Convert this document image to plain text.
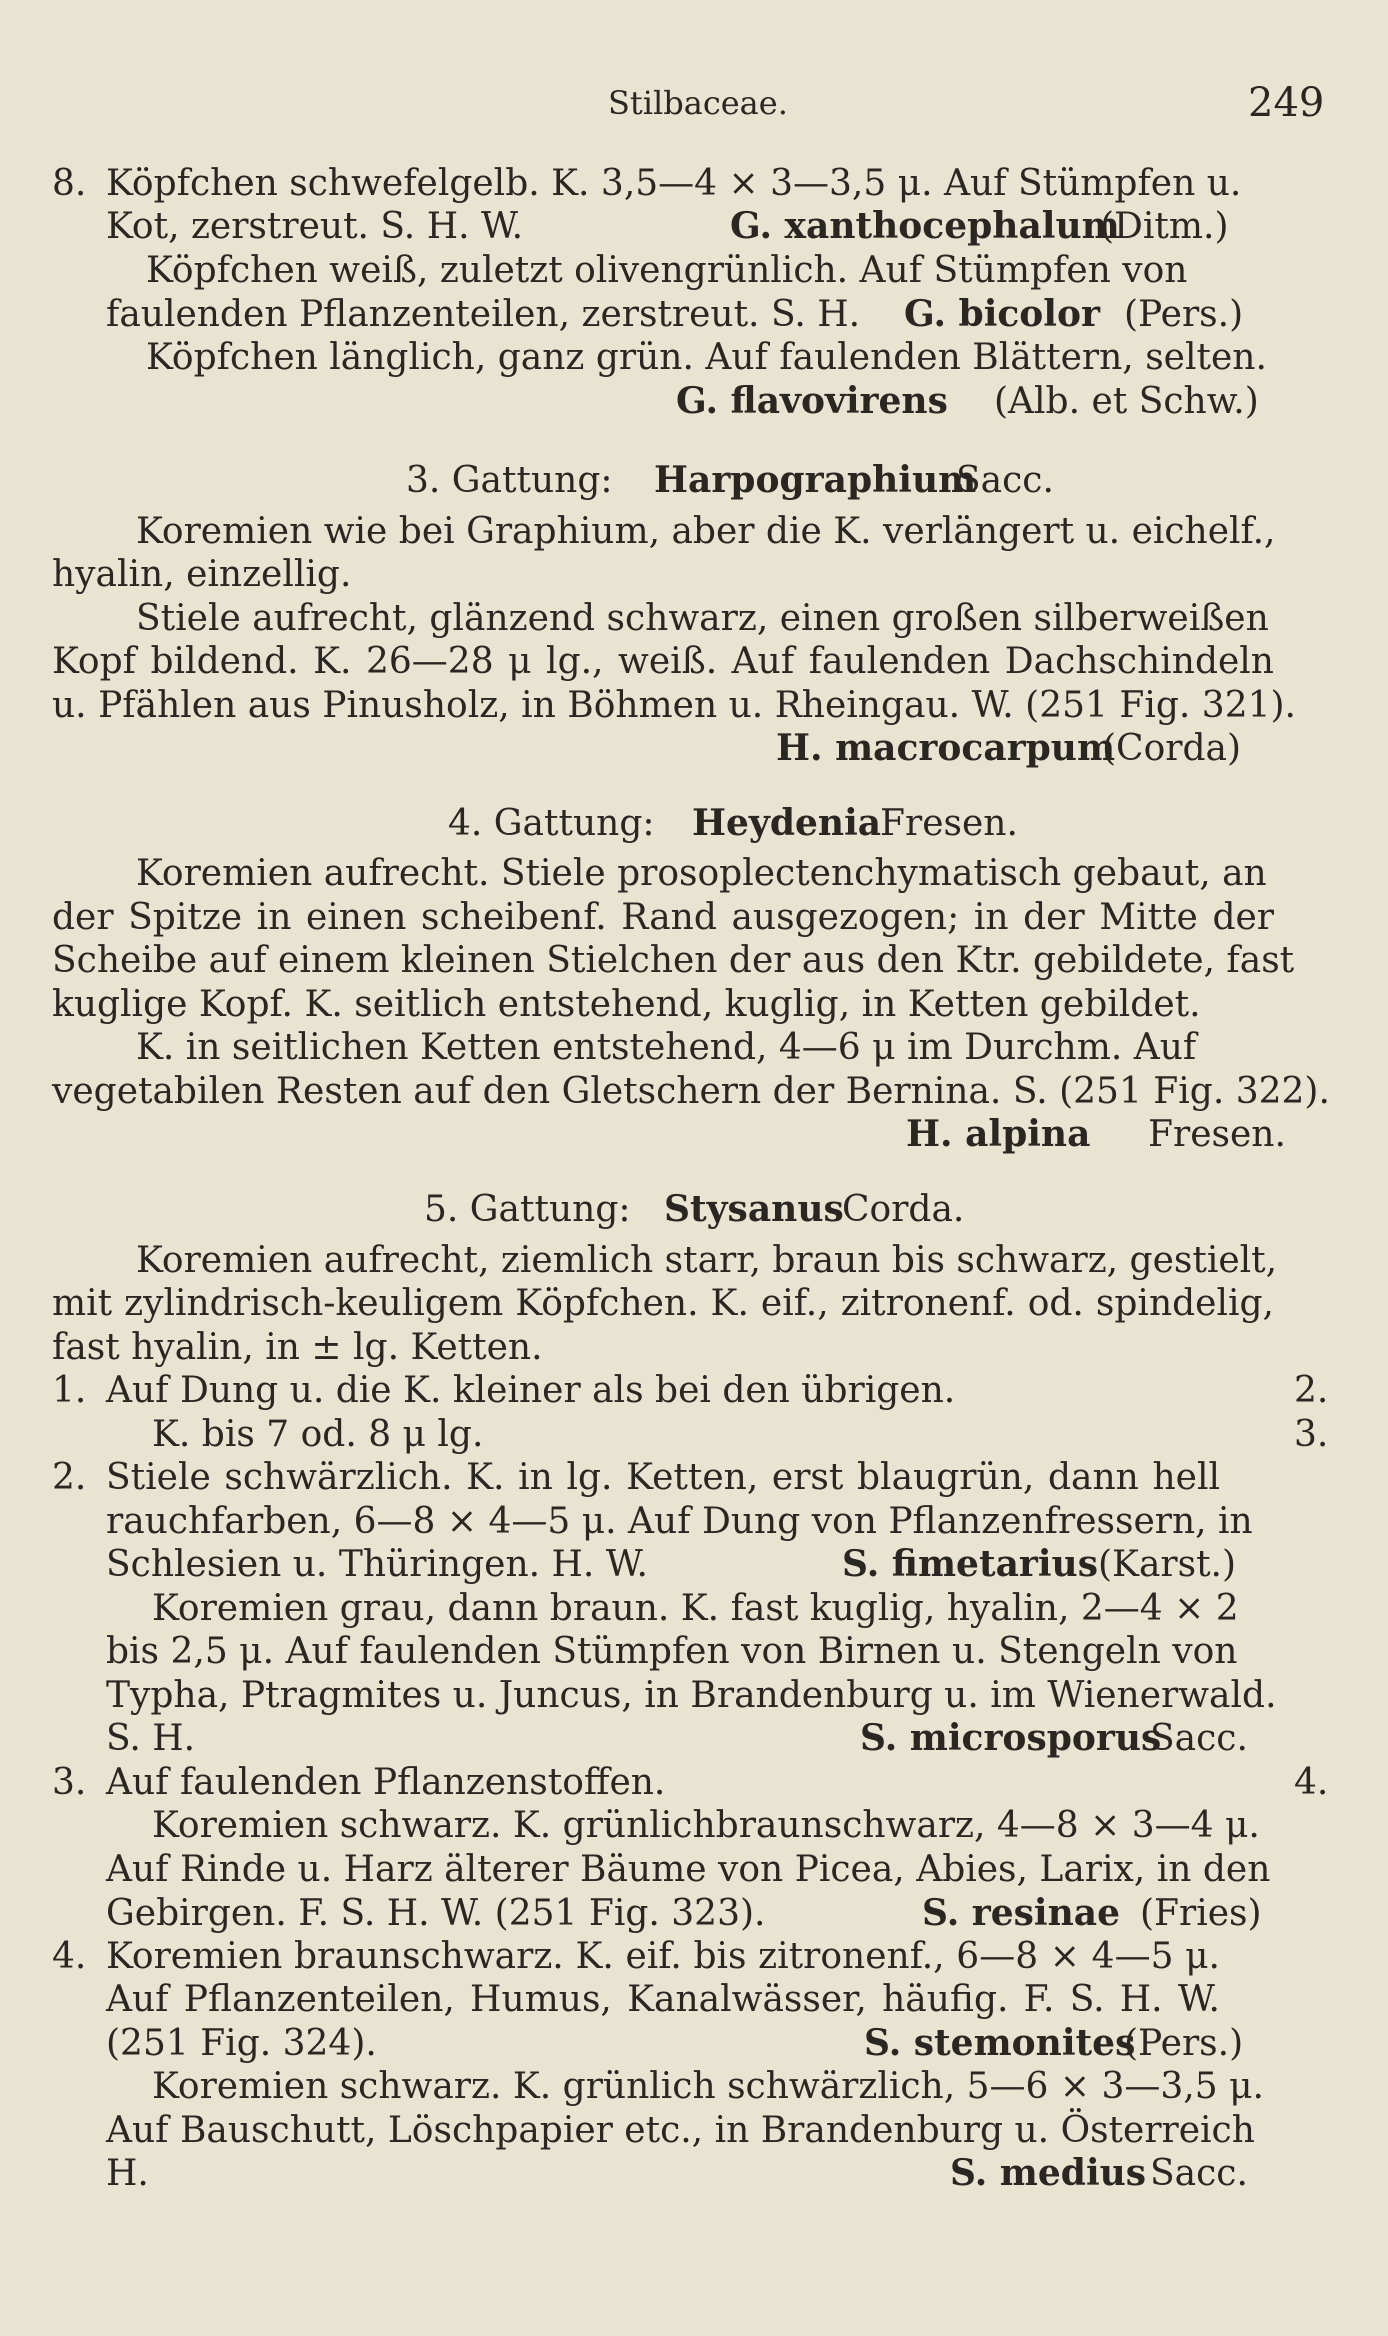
Stilbaceae.	249
8. Köpfchen schwefelgelb. K. 3,5—4 × 3—3,5 μ. Auf Stümpfen u.
Kot, zerstreut. S. H. W.	G. xanthocephalum
(Ditm.)
Köpfchen weiß, zuletzt olivengrünlich. Auf Stümpfen von
faulenden Pflanzenteilen, zerstreut. S. H. G. bicolor (Pers.)
Köpfchen länglich, ganz grün. Auf faulenden Blättern, selten.
G. flavovirens (Alb. et Schw.)
3. Gattung: Harpographium
Sacc.
Koremien wie bei Graphium, aber die K. verlängert u. eichelf.,
hyalin, einzellig.
Stiele aufrecht, glänzend schwarz, einen großen silberweißen
Kopf bildend. K. 26—28 μ lg., weiß. Auf faulenden Dachschindeln
u. Pfählen aus Pinusholz, in Böhmen u. Rheingau. W. (251 Fig. 321).
H. macrocarpum
(Corda)
4. Gattung: Heydenia
Fresen.
Koremien aufrecht. Stiele prosoplectenchymatisch gebaut, an
der Spitze in einen scheibenf. Rand ausgezogen; in der Mitte der
Scheibe auf einem kleinen Stielchen der aus den Ktr. gebildete, fast
kuglige Kopf. K. seitlich entstehend, kuglig, in Ketten gebildet.
K. in seitlichen Ketten entstehend, 4—6 μ im Durchm. Auf
vegetabilen Resten auf den Gletschern der Bernina. S. (251 Fig. 322).
H. alpina Fresen.
5. Gattung: Stysanus
Corda.
Koremien aufrecht, ziemlich starr, braun bis schwarz, gestielt,
mit zylindrisch-keuligem Köpfchen. K. eif., zitronenf. od. spindelig,
fast hyalin, in ± lg. Ketten.
1. Auf Dung u. die K. kleiner als bei den übrigen.	2.
K. bis 7 od. 8 μ lg.	3.
2. Stiele schwärzlich. K. in lg. Ketten, erst blaugrün, dann hell
rauchfarben, 6—8 × 4—5 μ. Auf Dung von Pflanzenfressern, in
Schlesien u. Thüringen. H. W.	S. fimetarius (Karst.)
Koremien grau, dann braun. K. fast kuglig, hyalin, 2—4 × 2
bis 2,5 μ. Auf faulenden Stümpfen von Birnen u. Stengeln von
Typha, Ptragmites u. Juncus, in Brandenburg u. im Wienerwald.
S. H.	S. microsporus
Sacc.
3. Auf faulenden Pflanzenstoffen.	4.
Koremien schwarz. K. grünlichbraunschwarz, 4—8 × 3—4 μ.
Auf Rinde u. Harz älterer Bäume von Picea, Abies, Larix, in den
Gebirgen. F. S. H. W. (251 Fig. 323).	S. resinae (Fries)
4. Koremien braunschwarz. K. eif. bis zitronenf., 6—8 × 4—5 μ.
Auf Pflanzenteilen, Humus, Kanalwässer, häufig. F. S. H. W.
(251 Fig. 324).	S. stemonites
(Pers.)
Koremien schwarz. K. grünlich schwärzlich, 5—6 × 3—3,5 μ.
Auf Bauschutt, Löschpapier etc., in Brandenburg u. Österreich
H.	S. medius Sacc.
